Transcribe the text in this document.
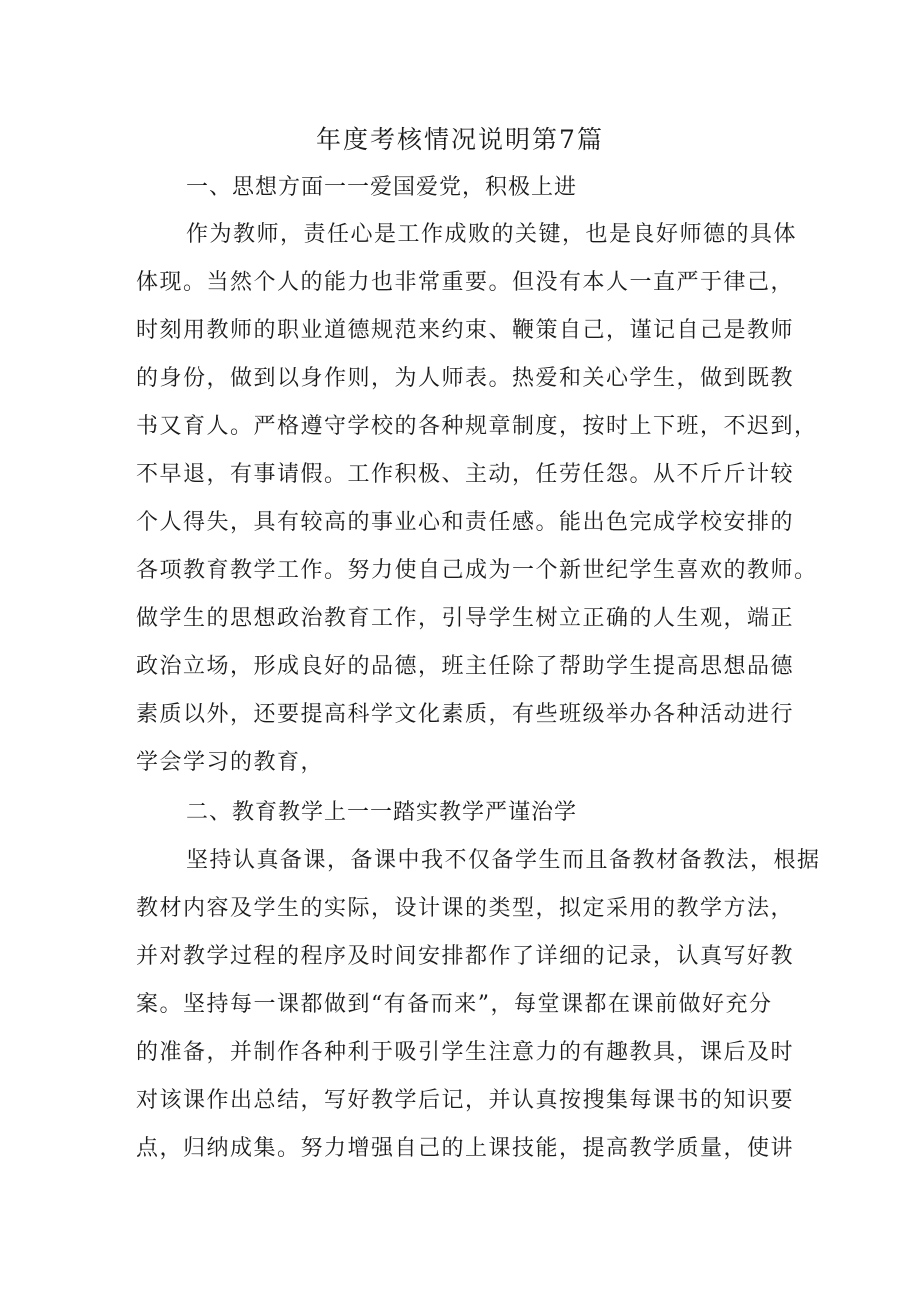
年度考核情况说明第7篇
一、思想方面一一爱国爱党，积极上进
作为教师，责任心是工作成败的关键，也是良好师德的具体
体现。当然个人的能力也非常重要。但没有本人一直严于律己，
时刻用教师的职业道德规范来约束、鞭策自己，谨记自己是教师
的身份，做到以身作则，为人师表。热爱和关心学生，做到既教
书又育人。严格遵守学校的各种规章制度，按时上下班，不迟到，
不早退，有事请假。工作积极、主动，任劳任怨。从不斤斤计较
个人得失，具有较高的事业心和责任感。能出色完成学校安排的
各项教育教学工作。努力使自己成为一个新世纪学生喜欢的教师。
做学生的思想政治教育工作，引导学生树立正确的人生观，端正
政治立场，形成良好的品德，班主任除了帮助学生提高思想品德
素质以外，还要提高科学文化素质，有些班级举办各种活动进行
学会学习的教育，
二、教育教学上一一踏实教学严谨治学
坚持认真备课，备课中我不仅备学生而且备教材备教法，根据
教材内容及学生的实际，设计课的类型，拟定采用的教学方法，
并对教学过程的程序及时间安排都作了详细的记录，认真写好教
案。坚持每一课都做到“有备而来”，每堂课都在课前做好充分
的准备，并制作各种利于吸引学生注意力的有趣教具，课后及时
对该课作出总结，写好教学后记，并认真按搜集每课书的知识要
点，归纳成集。努力增强自己的上课技能，提高教学质量，使讲
